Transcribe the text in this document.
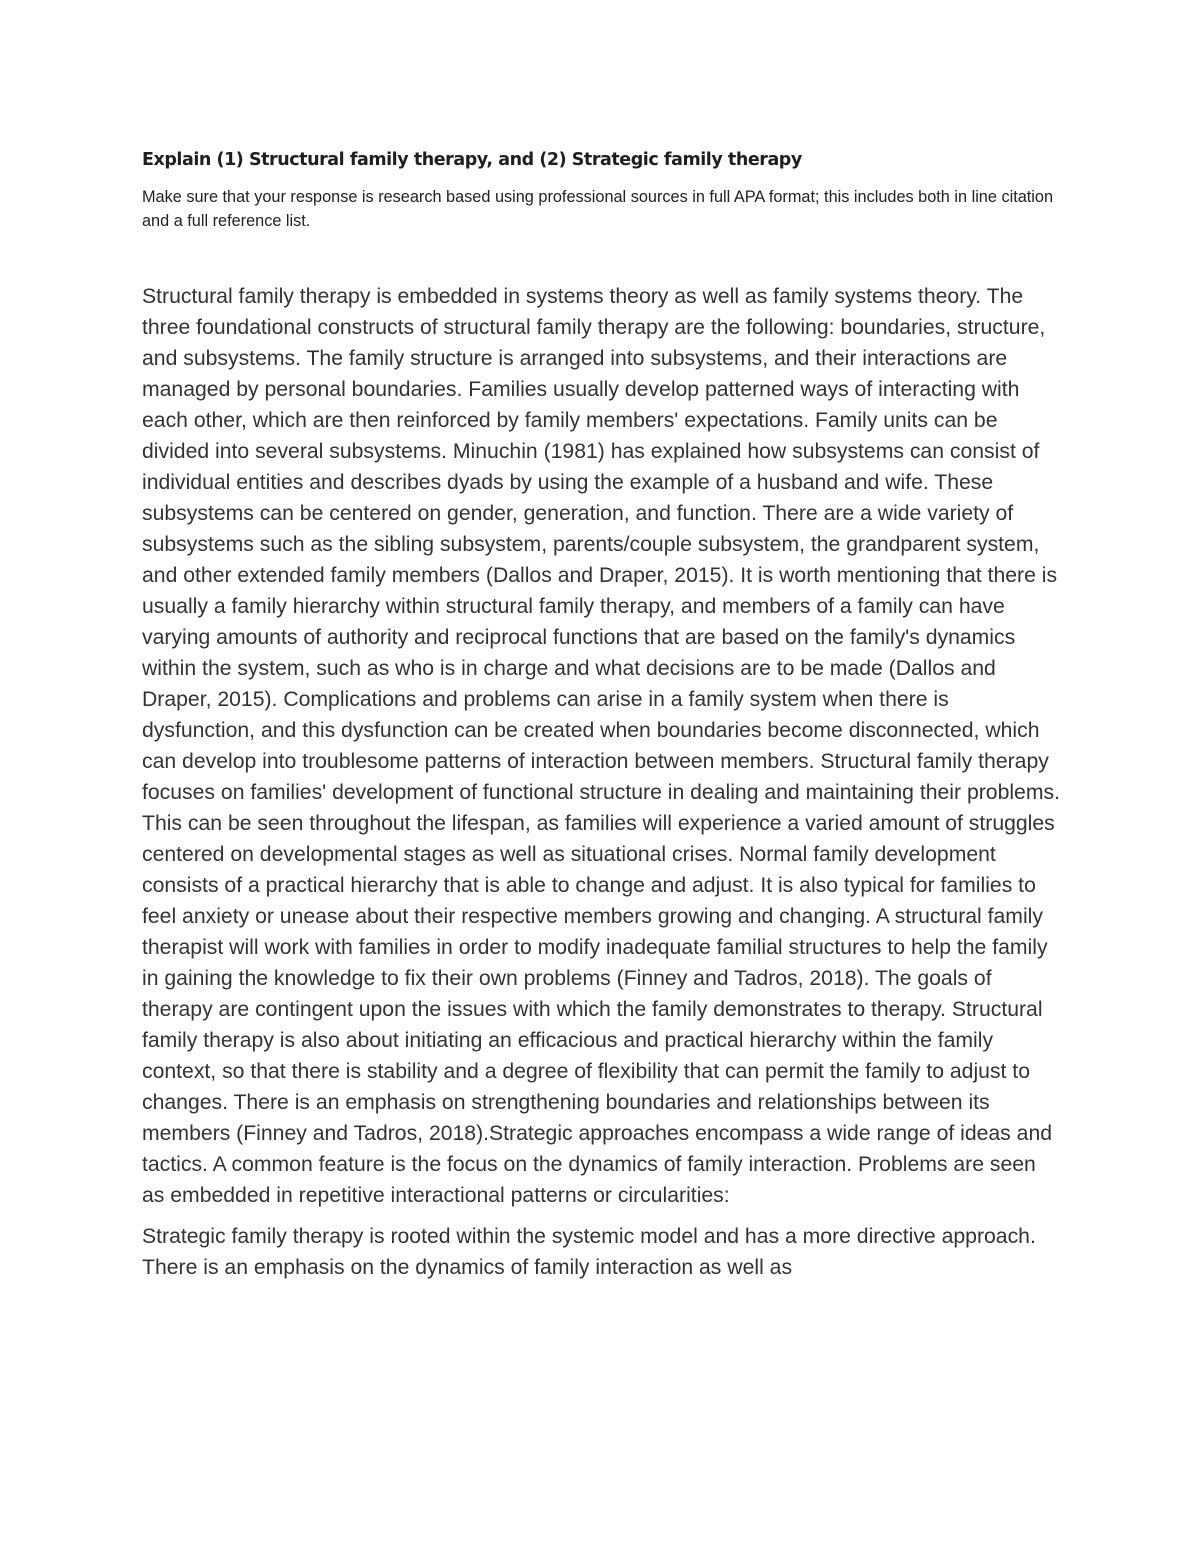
Explain (1) Structural family therapy, and (2) Strategic family therapy

Make sure that your response is research based using professional sources in full APA format; this includes both in line citation and a full reference list.

Structural family therapy is embedded in systems theory as well as family systems theory. The three foundational constructs of structural family therapy are the following: boundaries, structure, and subsystems. The family structure is arranged into subsystems, and their interactions are managed by personal boundaries. Families usually develop patterned ways of interacting with each other, which are then reinforced by family members' expectations. Family units can be divided into several subsystems. Minuchin (1981) has explained how subsystems can consist of individual entities and describes dyads by using the example of a husband and wife. These subsystems can be centered on gender, generation, and function. There are a wide variety of subsystems such as the sibling subsystem, parents/couple subsystem, the grandparent system, and other extended family members (Dallos and Draper, 2015). It is worth mentioning that there is usually a family hierarchy within structural family therapy, and members of a family can have varying amounts of authority and reciprocal functions that are based on the family's dynamics within the system, such as who is in charge and what decisions are to be made (Dallos and Draper, 2015). Complications and problems can arise in a family system when there is dysfunction, and this dysfunction can be created when boundaries become disconnected, which can develop into troublesome patterns of interaction between members. Structural family therapy focuses on families' development of functional structure in dealing and maintaining their problems. This can be seen throughout the lifespan, as families will experience a varied amount of struggles centered on developmental stages as well as situational crises. Normal family development consists of a practical hierarchy that is able to change and adjust. It is also typical for families to feel anxiety or unease about their respective members growing and changing. A structural family therapist will work with families in order to modify inadequate familial structures to help the family in gaining the knowledge to fix their own problems (Finney and Tadros, 2018). The goals of therapy are contingent upon the issues with which the family demonstrates to therapy. Structural family therapy is also about initiating an efficacious and practical hierarchy within the family context, so that there is stability and a degree of flexibility that can permit the family to adjust to changes. There is an emphasis on strengthening boundaries and relationships between its members (Finney and Tadros, 2018).Strategic approaches encompass a wide range of ideas and tactics. A common feature is the focus on the dynamics of family interaction. Problems are seen as embedded in repetitive interactional patterns or circularities:

Strategic family therapy is rooted within the systemic model and has a more directive approach. There is an emphasis on the dynamics of family interaction as well as
